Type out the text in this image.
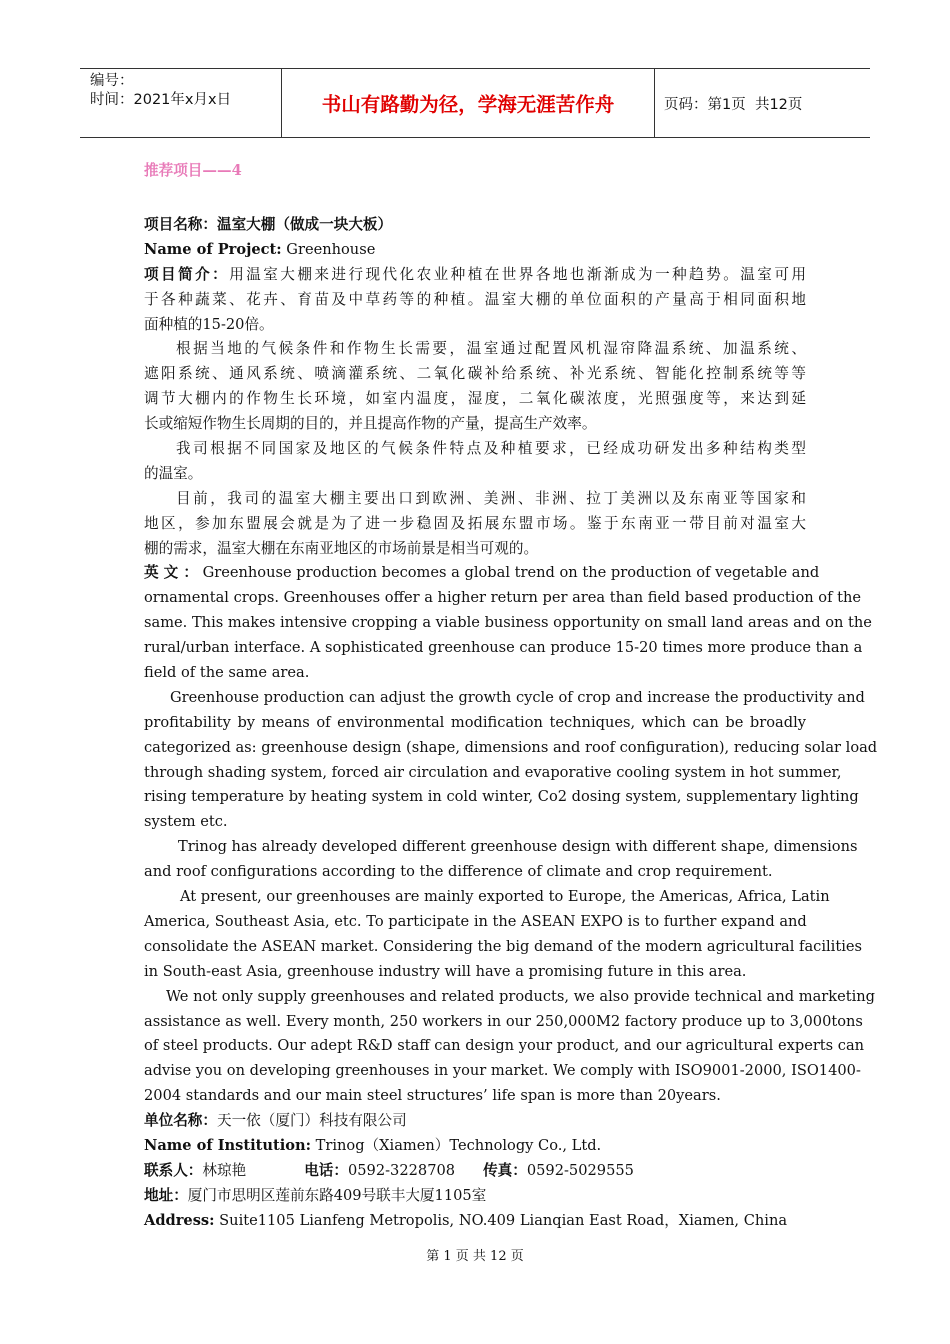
编号：
时间：2021年x月x日	书山有路勤为径，学海无涯苦作舟	页码：第1页  共12页
推荐项目——4
项目名称：温室大棚（做成一块大板）
Name of Project: Greenhouse
项目简介：用温室大棚来进行现代化农业种植在世界各地也渐渐成为一种趋势。温室可用
于各种蔬菜、花卉、育苗及中草药等的种植。温室大棚的单位面积的产量高于相同面积地
面种植的15-20倍。
根据当地的气候条件和作物生长需要，温室通过配置风机湿帘降温系统、加温系统、
遮阳系统、通风系统、喷滴灌系统、二氧化碳补给系统、补光系统、智能化控制系统等等
调节大棚内的作物生长环境，如室内温度，湿度，二氧化碳浓度，光照强度等，来达到延
长或缩短作物生长周期的目的，并且提高作物的产量，提高生产效率。
我司根据不同国家及地区的气候条件特点及种植要求，已经成功研发出多种结构类型
的温室。
目前，我司的温室大棚主要出口到欧洲、美洲、非洲、拉丁美洲以及东南亚等国家和
地区，参加东盟展会就是为了进一步稳固及拓展东盟市场。鉴于东南亚一带目前对温室大
棚的需求，温室大棚在东南亚地区的市场前景是相当可观的。
英 文 ： Greenhouse production becomes a global trend on the production of vegetable and
ornamental crops. Greenhouses offer a higher return per area than field based production of the
same. This makes intensive cropping a viable business opportunity on small land areas and on the
rural/urban interface. A sophisticated greenhouse can produce 15-20 times more produce than a
field of the same area.
Greenhouse production can adjust the growth cycle of crop and increase the productivity and
profitability by means of environmental modification techniques, which can be broadly
categorized as: greenhouse design (shape, dimensions and roof configuration), reducing solar load
through shading system, forced air circulation and evaporative cooling system in hot summer,
rising temperature by heating system in cold winter, Co2 dosing system, supplementary lighting
system etc.
Trinog has already developed different greenhouse design with different shape, dimensions
and roof configurations according to the difference of climate and crop requirement.
At present, our greenhouses are mainly exported to Europe, the Americas, Africa, Latin
America, Southeast Asia, etc. To participate in the ASEAN EXPO is to further expand and
consolidate the ASEAN market. Considering the big demand of the modern agricultural facilities
in South-east Asia, greenhouse industry will have a promising future in this area.
We not only supply greenhouses and related products, we also provide technical and marketing
assistance as well. Every month, 250 workers in our 250,000M2 factory produce up to 3,000tons
of steel products. Our adept R&D staff can design your product, and our agricultural experts can
advise you on developing greenhouses in your market. We comply with ISO9001-2000, ISO1400-
2004 standards and our main steel structures’ life span is more than 20years.
单位名称：天一依（厦门）科技有限公司
Name of Institution: Trinog（Xiamen）Technology Co., Ltd.
联系人：林琼艳	电话：0592-3228708 传真：0592-5029555
地址：厦门市思明区莲前东路409号联丰大厦1105室
Address: Suite1105 Lianfeng Metropolis, NO.409 Lianqian East Road，Xiamen, China
第 1 页 共 12 页
